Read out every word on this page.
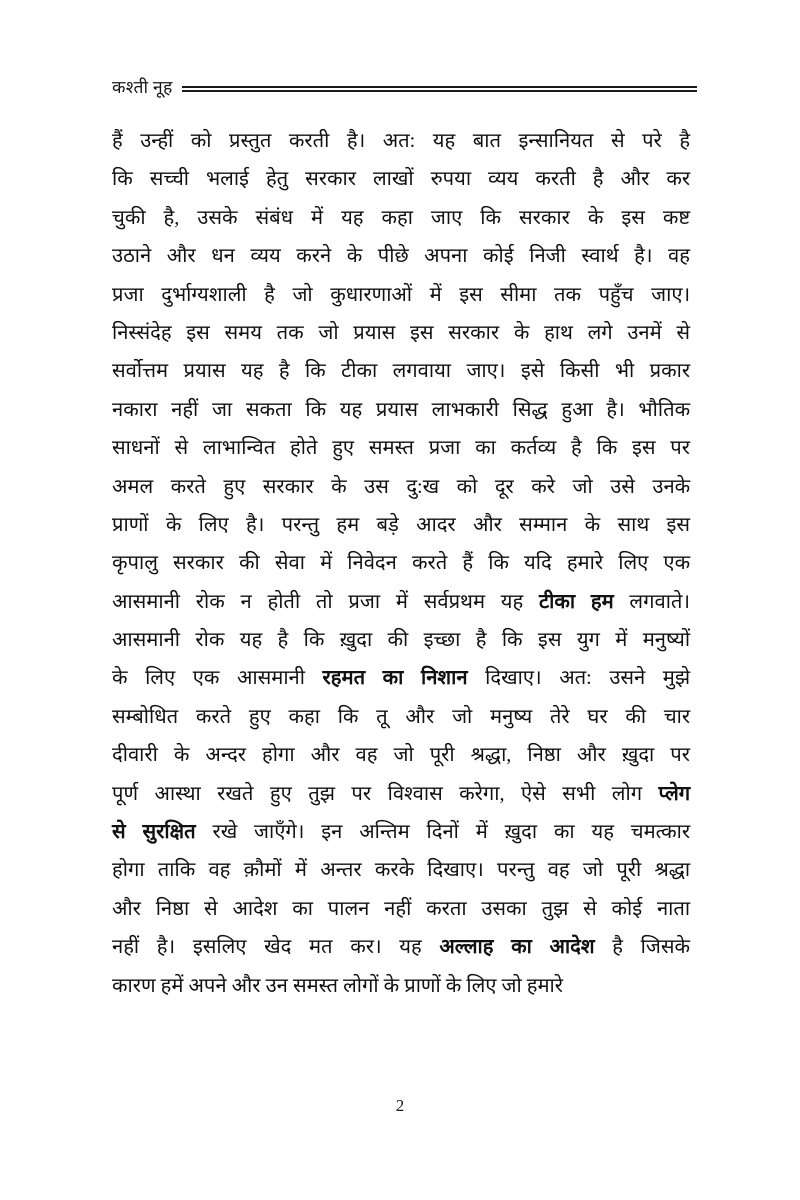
कश्ती नूह

हैं उन्हीं को प्रस्तुत करती है। अत: यह बात इन्सानियत से परे है
कि सच्ची भलाई हेतु सरकार लाखों रुपया व्यय करती है और कर
चुकी है, उसके संबंध में यह कहा जाए कि सरकार के इस कष्ट
उठाने और धन व्यय करने के पीछे अपना कोई निजी स्वार्थ है। वह
प्रजा दुर्भाग्यशाली है जो कुधारणाओं में इस सीमा तक पहुँच जाए।
निस्संदेह इस समय तक जो प्रयास इस सरकार के हाथ लगे उनमें से
सर्वोत्तम प्रयास यह है कि टीका लगवाया जाए। इसे किसी भी प्रकार
नकारा नहीं जा सकता कि यह प्रयास लाभकारी सिद्ध हुआ है। भौतिक
साधनों से लाभान्वित होते हुए समस्त प्रजा का कर्तव्य है कि इस पर
अमल करते हुए सरकार के उस दु:ख को दूर करे जो उसे उनके
प्राणों के लिए है। परन्तु हम बड़े आदर और सम्मान के साथ इस
कृपालु सरकार की सेवा में निवेदन करते हैं कि यदि हमारे लिए एक
आसमानी रोक न होती तो प्रजा में सर्वप्रथम यह टीका हम लगवाते।
आसमानी रोक यह है कि ख़ुदा की इच्छा है कि इस युग में मनुष्यों
के लिए एक आसमानी रहमत का निशान दिखाए। अत: उसने मुझे
सम्बोधित करते हुए कहा कि तू और जो मनुष्य तेरे घर की चार
दीवारी के अन्दर होगा और वह जो पूरी श्रद्धा, निष्ठा और ख़ुदा पर
पूर्ण आस्था रखते हुए तुझ पर विश्वास करेगा, ऐसे सभी लोग प्लेग
से सुरक्षित रखे जाएँगे। इन अन्तिम दिनों में ख़ुदा का यह चमत्कार
होगा ताकि वह क़ौमों में अन्तर करके दिखाए। परन्तु वह जो पूरी श्रद्धा
और निष्ठा से आदेश का पालन नहीं करता उसका तुझ से कोई नाता
नहीं है। इसलिए खेद मत कर। यह अल्लाह का आदेश है जिसके
कारण हमें अपने और उन समस्त लोगों के प्राणों के लिए जो हमारे

2
